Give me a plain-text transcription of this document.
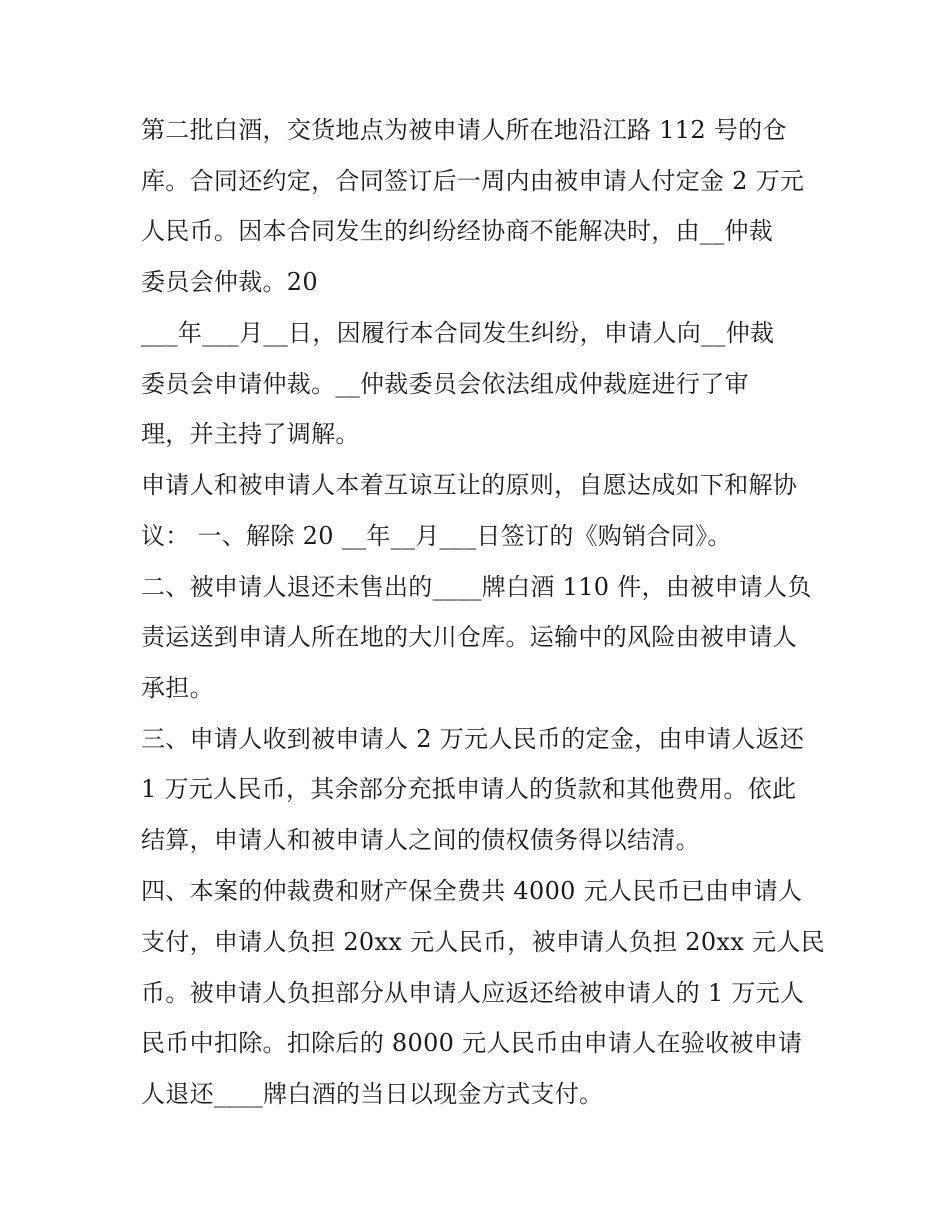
第二批白酒，交货地点为被申请人所在地沿江路 112 号的仓
库。合同还约定，合同签订后一周内由被申请人付定金 2 万元
人民币。因本合同发生的纠纷经协商不能解决时，由__仲裁
委员会仲裁。20
___年___月__日，因履行本合同发生纠纷，申请人向__仲裁
委员会申请仲裁。__仲裁委员会依法组成仲裁庭进行了审
理，并主持了调解。
申请人和被申请人本着互谅互让的原则，自愿达成如下和解协
议： 一、解除 20 __年__月___日签订的《购销合同》。
二、被申请人退还未售出的____牌白酒 110 件，由被申请人负
责运送到申请人所在地的大川仓库。运输中的风险由被申请人
承担。
三、申请人收到被申请人 2 万元人民币的定金，由申请人返还
1 万元人民币，其余部分充抵申请人的货款和其他费用。依此
结算，申请人和被申请人之间的债权债务得以结清。
四、本案的仲裁费和财产保全费共 4000 元人民币已由申请人
支付，申请人负担 20xx 元人民币，被申请人负担 20xx 元人民
币。被申请人负担部分从申请人应返还给被申请人的 1 万元人
民币中扣除。扣除后的 8000 元人民币由申请人在验收被申请
人退还____牌白酒的当日以现金方式支付。
